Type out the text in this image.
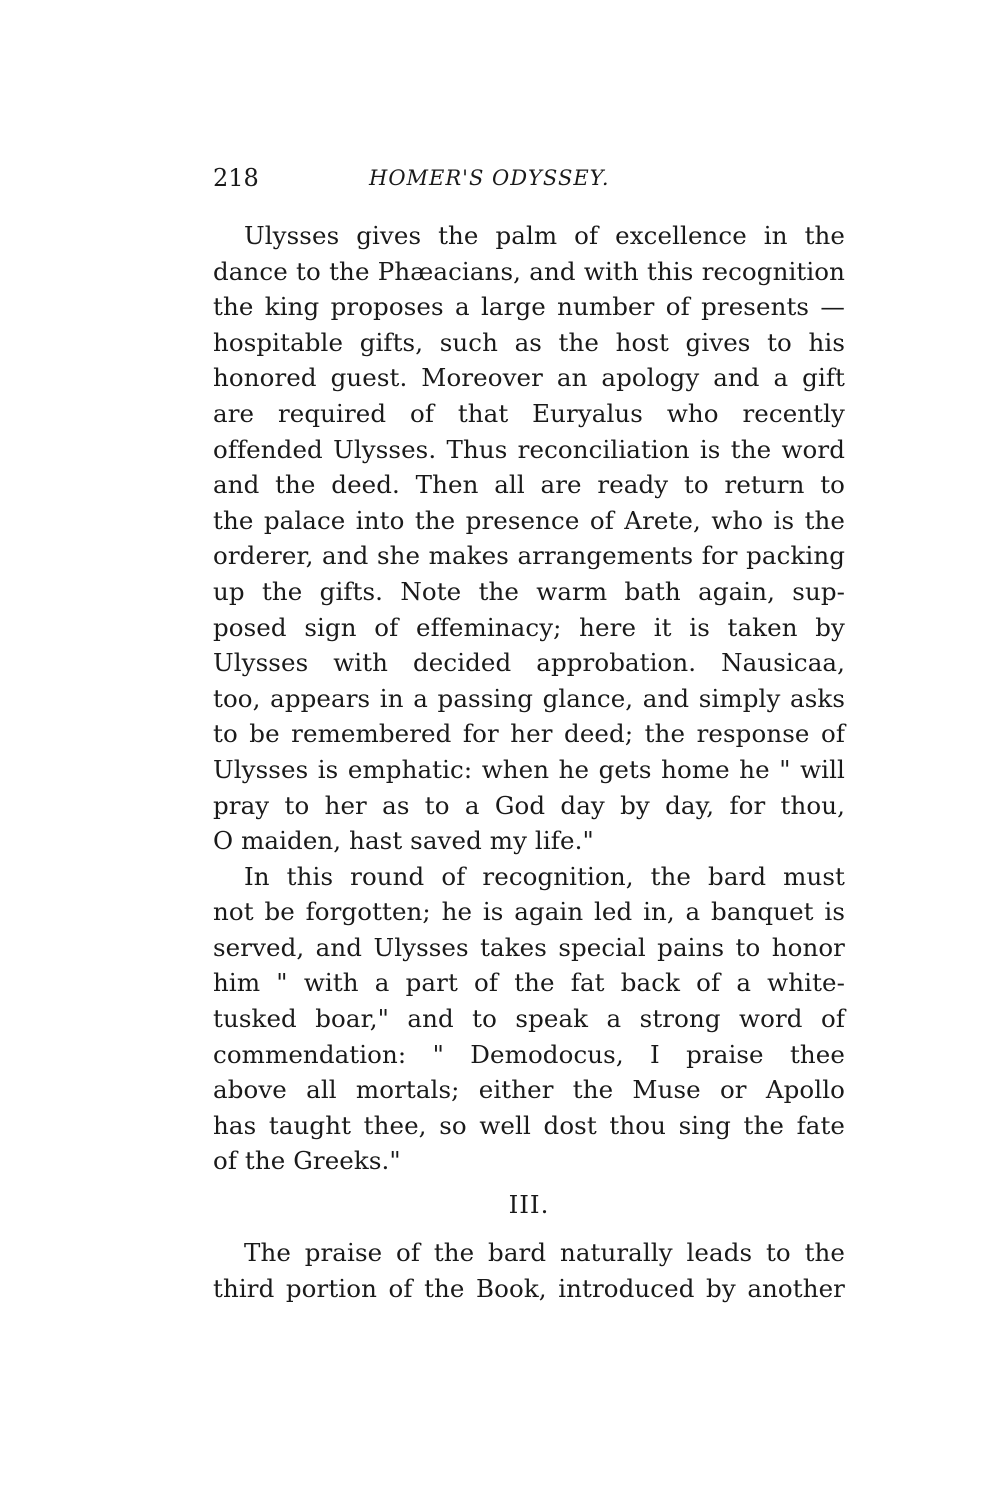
218	HOMER'S ODYSSEY.
Ulysses gives the palm of excellence in the
dance to the Phæacians, and with this recognition
the king proposes a large number of presents —
hospitable gifts, such as the host gives to his
honored guest. Moreover an apology and a gift
are required of that Euryalus who recently
offended Ulysses. Thus reconciliation is the word
and the deed. Then all are ready to return to
the palace into the presence of Arete, who is the
orderer, and she makes arrangements for packing
up the gifts. Note the warm bath again, sup-
posed sign of effeminacy; here it is taken by
Ulysses with decided approbation. Nausicaa,
too, appears in a passing glance, and simply asks
to be remembered for her deed; the response of
Ulysses is emphatic: when he gets home he " will
pray to her as to a God day by day, for thou,
O maiden, hast saved my life."
In this round of recognition, the bard must
not be forgotten; he is again led in, a banquet is
served, and Ulysses takes special pains to honor
him " with a part of the fat back of a white-
tusked boar," and to speak a strong word of
commendation: " Demodocus, I praise thee
above all mortals; either the Muse or Apollo
has taught thee, so well dost thou sing the fate
of the Greeks."
III.
The praise of the bard naturally leads to the
third portion of the Book, introduced by another
